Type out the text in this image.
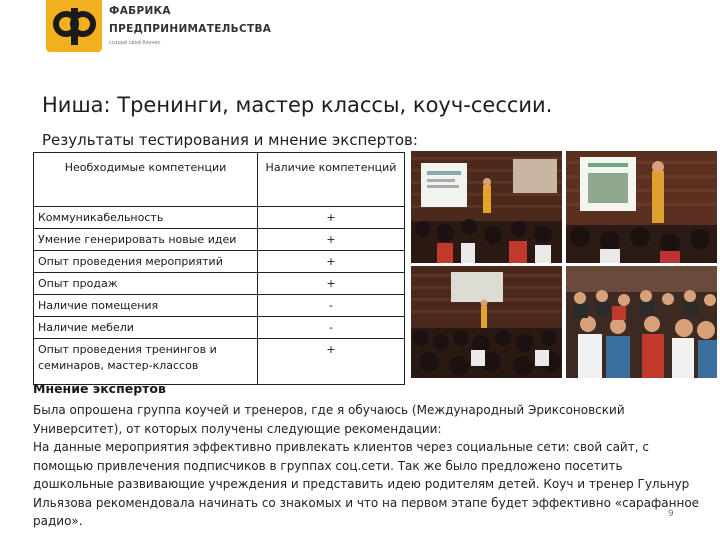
ФАБРИКА
ПРЕДПРИНИМАТЕЛЬСТВА
создай свой бизнес
Ниша: Тренинги, мастер классы, коуч-сессии.
Результаты тестирования и мнение экспертов:
Необходимые компетенции	Наличие компетенций
Коммуникабельность	+
Умение генерировать новые идеи	+
Опыт проведения мероприятий	+
Опыт продаж	+
Наличие помещения	-
Наличие мебели	-
Опыт проведения тренингов и семинаров, мастер-классов	+
Мнение экспертов

Была опрошена группа коучей и тренеров, где я обучаюсь (Международный Эриксоновский Университет), от которых получены следующие рекомендации:

На данные мероприятия эффективно привлекать клиентов через социальные сети: свой сайт, с помощью привлечения подписчиков в группах соц.сети. Так же было предложено посетить дошкольные развивающие учреждения и представить идею родителям детей. Коуч и тренер Гульнур Ильязова рекомендовала начинать со знакомых и что на первом этапе будет эффективно «сарафанное радио».	9
